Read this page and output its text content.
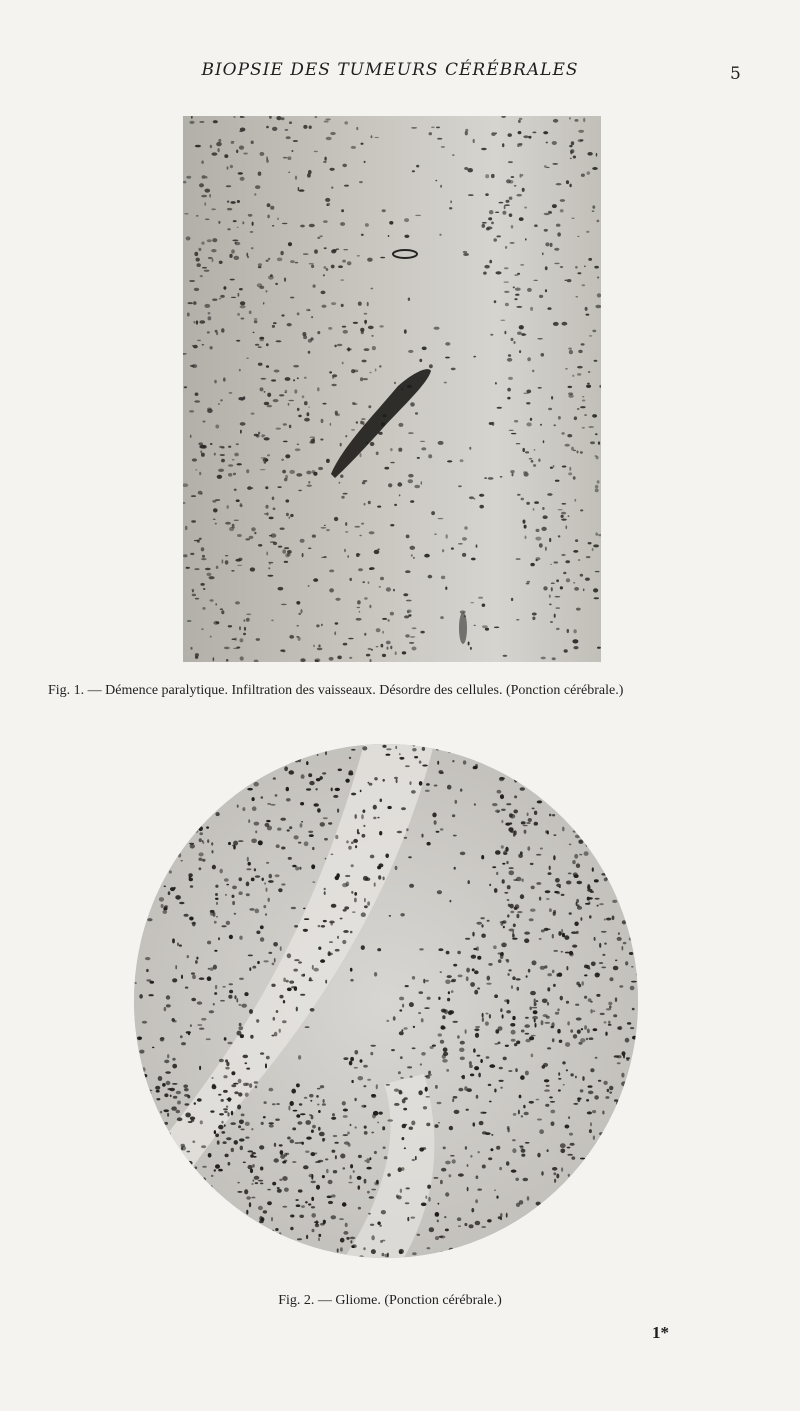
BIOPSIE DES TUMEURS CÉRÉBRALES	5
Fig. 1. — Démence paralytique. Infiltration des vaisseaux. Désordre des cellules. (Ponction cérébrale.)
Fig. 2. — Gliome. (Ponction cérébrale.)
1*
